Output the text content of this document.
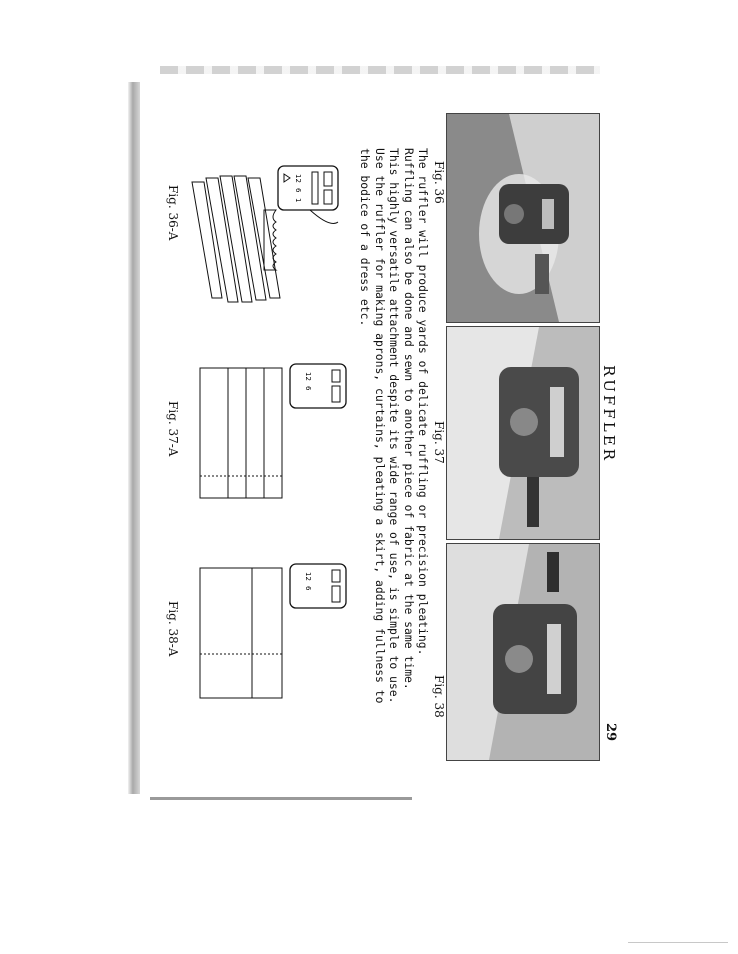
RUFFLER
29
Fig. 36
Fig. 37
Fig. 38
The ruffler will produce yards of delicate ruffling or precision pleating.
Ruffling can also be done and sewn to another piece of fabric at the same time.
This highly versatile attachment despite its wide range of use, is simple to use.
Use the ruffler for making aprons, curtains, pleating a skirt, adding fullness to
the bodice of a dress etc.
12
6
1
12
6
12
6
Fig. 36-A
Fig. 37-A
Fig. 38-A
